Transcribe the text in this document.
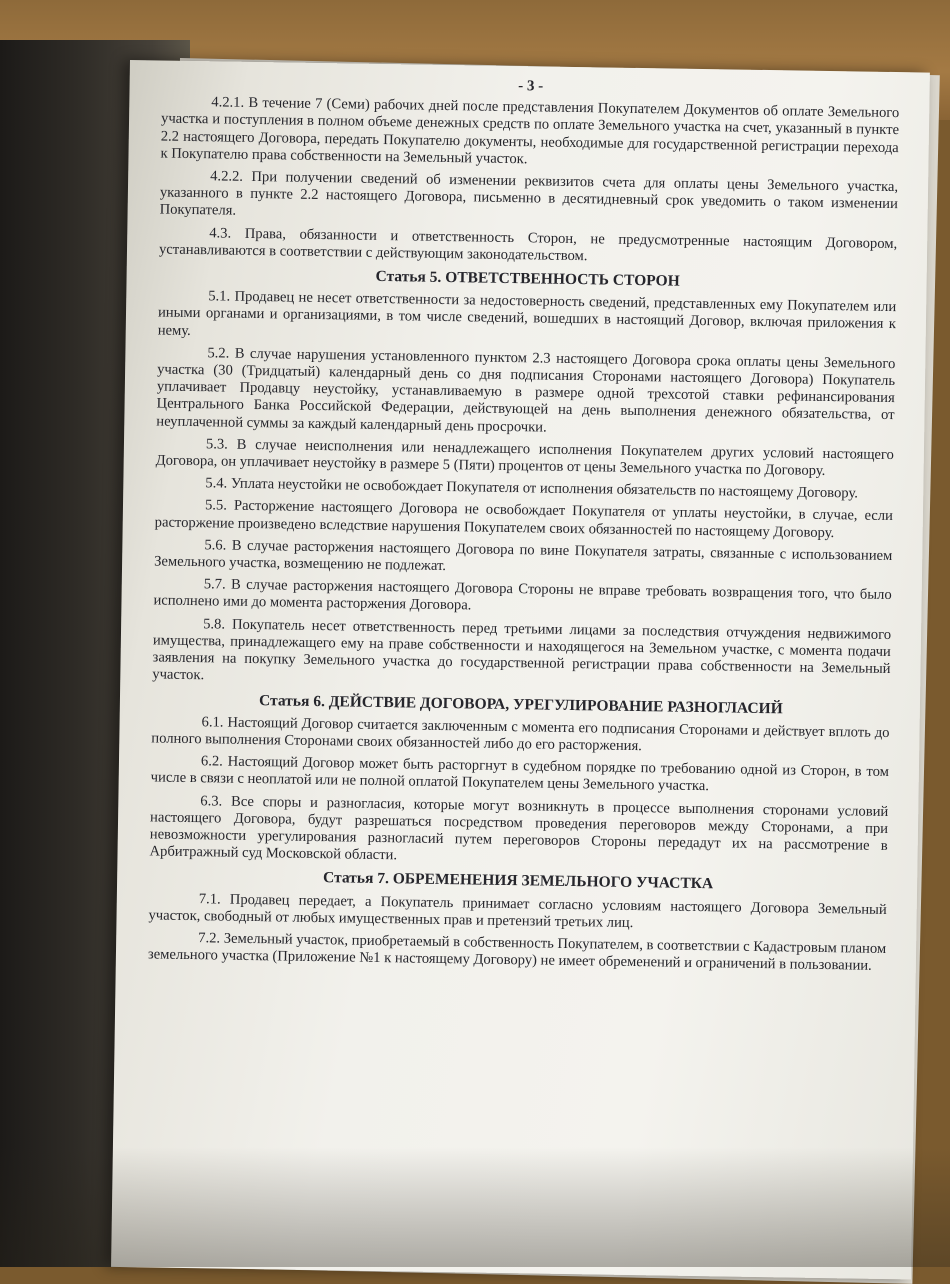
- 3 -

4.2.1. В течение 7 (Семи) рабочих дней после представления Покупателем Документов об оплате Земельного участка и поступления в полном объеме денежных средств по оплате Земельного участка на счет, указанный в пункте 2.2 настоящего Договора, передать Покупателю документы, необходимые для государственной регистрации перехода к Покупателю права собственности на Земельный участок.

4.2.2. При получении сведений об изменении реквизитов счета для оплаты цены Земельного участка, указанного в пункте 2.2 настоящего Договора, письменно в десятидневный срок уведомить о таком изменении Покупателя.

4.3. Права, обязанности и ответственность Сторон, не предусмотренные настоящим Договором, устанавливаются в соответствии с действующим законодательством.

Статья 5. ОТВЕТСТВЕННОСТЬ СТОРОН

5.1. Продавец не несет ответственности за недостоверность сведений, представленных ему Покупателем или иными органами и организациями, в том числе сведений, вошедших в настоящий Договор, включая приложения к нему.

5.2. В случае нарушения установленного пунктом 2.3 настоящего Договора срока оплаты цены Земельного участка (30 (Тридцатый) календарный день со дня подписания Сторонами настоящего Договора) Покупатель уплачивает Продавцу неустойку, устанавливаемую в размере одной трехсотой ставки рефинансирования Центрального Банка Российской Федерации, действующей на день выполнения денежного обязательства, от неуплаченной суммы за каждый календарный день просрочки.

5.3. В случае неисполнения или ненадлежащего исполнения Покупателем других условий настоящего Договора, он уплачивает неустойку в размере 5 (Пяти) процентов от цены Земельного участка по Договору.

5.4. Уплата неустойки не освобождает Покупателя от исполнения обязательств по настоящему Договору.

5.5. Расторжение настоящего Договора не освобождает Покупателя от уплаты неустойки, в случае, если расторжение произведено вследствие нарушения Покупателем своих обязанностей по настоящему Договору.

5.6. В случае расторжения настоящего Договора по вине Покупателя затраты, связанные с использованием Земельного участка, возмещению не подлежат.

5.7. В случае расторжения настоящего Договора Стороны не вправе требовать возвращения того, что было исполнено ими до момента расторжения Договора.

5.8. Покупатель несет ответственность перед третьими лицами за последствия отчуждения недвижимого имущества, принадлежащего ему на праве собственности и находящегося на Земельном участке, с момента подачи заявления на покупку Земельного участка до государственной регистрации права собственности на Земельный участок.

Статья 6. ДЕЙСТВИЕ ДОГОВОРА, УРЕГУЛИРОВАНИЕ РАЗНОГЛАСИЙ

6.1. Настоящий Договор считается заключенным с момента его подписания Сторонами и действует вплоть до полного выполнения Сторонами своих обязанностей либо до его расторжения.

6.2. Настоящий Договор может быть расторгнут в судебном порядке по требованию одной из Сторон, в том числе в связи с неоплатой или не полной оплатой Покупателем цены Земельного участка.

6.3. Все споры и разногласия, которые могут возникнуть в процессе выполнения сторонами условий настоящего Договора, будут разрешаться посредством проведения переговоров между Сторонами, а при невозможности урегулирования разногласий путем переговоров Стороны передадут их на рассмотрение в Арбитражный суд Московской области.

Статья 7. ОБРЕМЕНЕНИЯ ЗЕМЕЛЬНОГО УЧАСТКА

7.1. Продавец передает, а Покупатель принимает согласно условиям настоящего Договора Земельный участок, свободный от любых имущественных прав и претензий третьих лиц.

7.2. Земельный участок, приобретаемый в собственность Покупателем, в соответствии с Кадастровым планом земельного участка (Приложение №1 к настоящему Договору) не имеет обременений и ограничений в пользовании.
